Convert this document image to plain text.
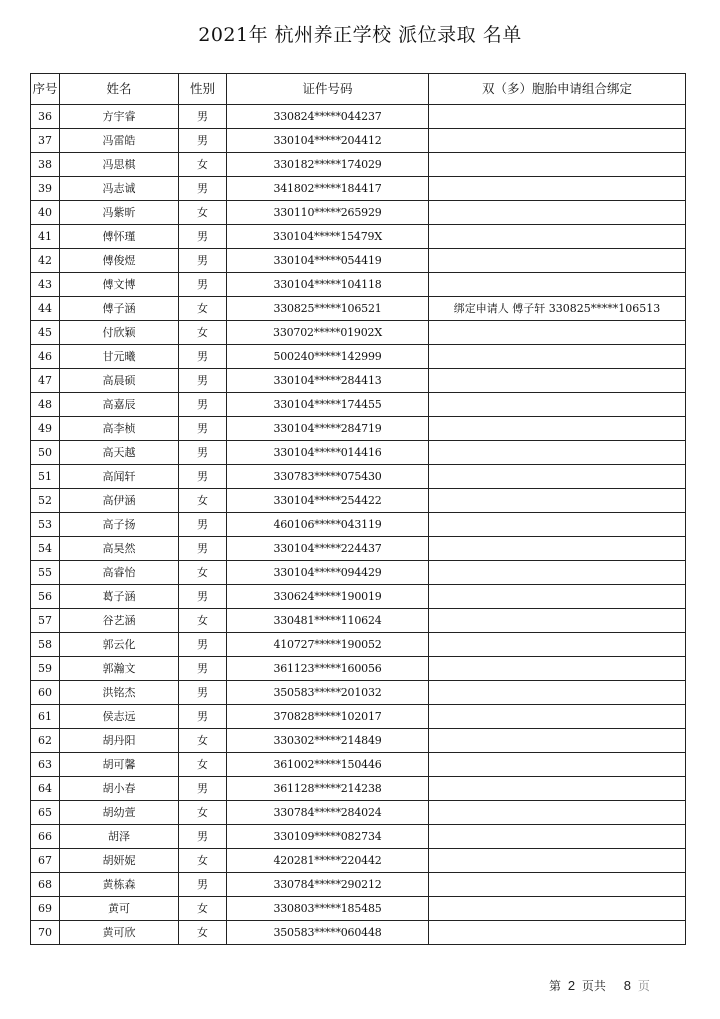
2021年 杭州养正学校 派位录取 名单
序号	姓名	性别	证件号码	双（多）胞胎申请组合绑定
36	方宇睿	男	330824*****044237	
37	冯雷皓	男	330104*****204412	
38	冯思棋	女	330182*****174029	
39	冯志诚	男	341802*****184417	
40	冯紫昕	女	330110*****265929	
41	傅怀瑾	男	330104*****15479X	
42	傅俊煜	男	330104*****054419	
43	傅文博	男	330104*****104118	
44	傅子涵	女	330825*****106521	绑定申请人 傅子轩 330825*****106513
45	付欣颖	女	330702*****01902X	
46	甘元曦	男	500240*****142999	
47	高晨硕	男	330104*****284413	
48	高嘉辰	男	330104*****174455	
49	高李桢	男	330104*****284719	
50	高天越	男	330104*****014416	
51	高闻轩	男	330783*****075430	
52	高伊涵	女	330104*****254422	
53	高子扬	男	460106*****043119	
54	高昊然	男	330104*****224437	
55	高睿怡	女	330104*****094429	
56	葛子涵	男	330624*****190019	
57	谷艺涵	女	330481*****110624	
58	郭云化	男	410727*****190052	
59	郭瀚文	男	361123*****160056	
60	洪铭杰	男	350583*****201032	
61	侯志远	男	370828*****102017	
62	胡丹阳	女	330302*****214849	
63	胡可馨	女	361002*****150446	
64	胡小春	男	361128*****214238	
65	胡幼萱	女	330784*****284024	
66	胡泽	男	330109*****082734	
67	胡妍妮	女	420281*****220442	
68	黄栋森	男	330784*****290212	
69	黄可	女	330803*****185485	
70	黄可欣	女	350583*****060448	
第 2 页共 8 页
